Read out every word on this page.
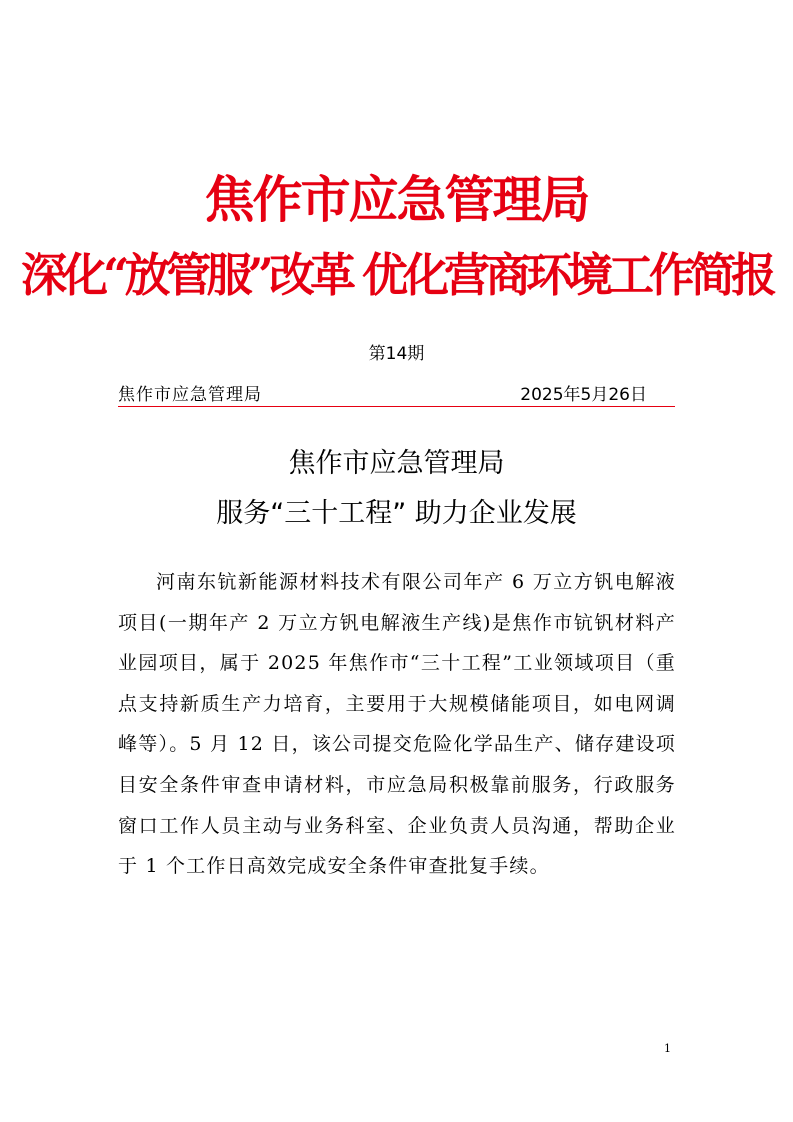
焦作市应急管理局
深化“放管服”改革 优化营商环境工作简报
第14期
焦作市应急管理局	2025年5月26日
焦作市应急管理局
服务“三十工程” 助力企业发展

河南东钪新能源材料技术有限公司年产 6 万立方钒电解液项目(一期年产 2 万立方钒电解液生产线)是焦作市钪钒材料产业园项目，属于 2025 年焦作市“三十工程”工业领域项目（重点支持新质生产力培育，主要用于大规模储能项目，如电网调峰等）。5 月 12 日，该公司提交危险化学品生产、储存建设项目安全条件审查申请材料，市应急局积极靠前服务，行政服务窗口工作人员主动与业务科室、企业负责人员沟通，帮助企业于 1 个工作日高效完成安全条件审查批复手续。

1
